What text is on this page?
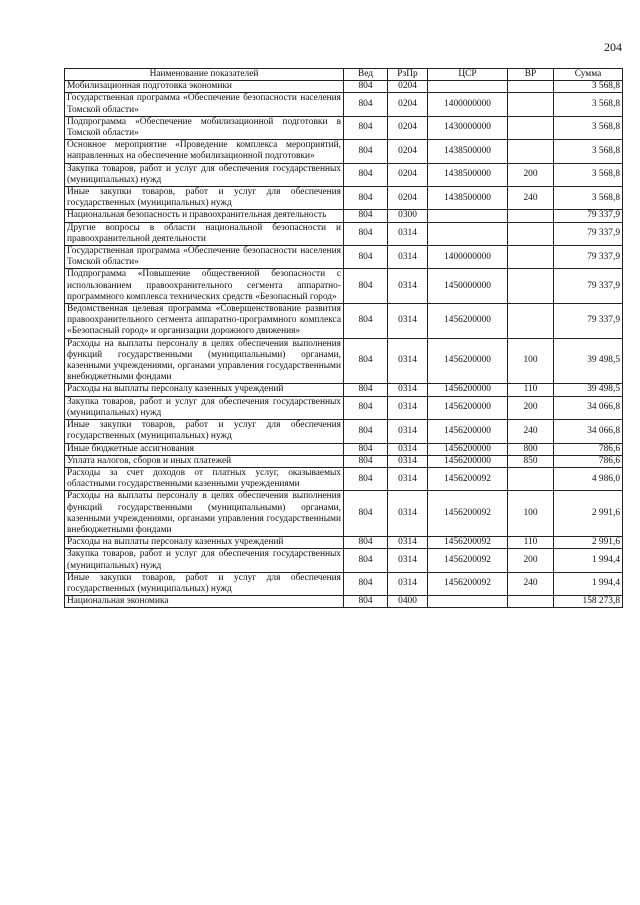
204
Наименование показателей	Вед	РзПр	ЦСР	ВР	Сумма
Мобилизационная подготовка экономики	804	0204			3 568,8
Государственная программа «Обеспечение безопасности населения Томской области»	804	0204	1400000000		3 568,8
Подпрограмма «Обеспечение мобилизационной подготовки в Томской области»	804	0204	1430000000		3 568,8
Основное мероприятие «Проведение комплекса мероприятий, направленных на обеспечение мобилизационной подготовки»	804	0204	1438500000		3 568,8
Закупка товаров, работ и услуг для обеспечения государственных (муниципальных) нужд	804	0204	1438500000	200	3 568,8
Иные закупки товаров, работ и услуг для обеспечения государственных (муниципальных) нужд	804	0204	1438500000	240	3 568,8
Национальная безопасность и правоохранительная деятельность	804	0300			79 337,9
Другие вопросы в области национальной безопасности и правоохранительной деятельности	804	0314			79 337,9
Государственная программа «Обеспечение безопасности населения Томской области»	804	0314	1400000000		79 337,9
Подпрограмма «Повышение общественной безопасности с использованием правоохранительного сегмента аппаратно-программного комплекса технических средств «Безопасный город»	804	0314	1450000000		79 337,9
Ведомственная целевая программа «Совершенствование развития правоохранительного сегмента аппаратно-программного комплекса «Безопасный город» и организации дорожного движения»	804	0314	1456200000		79 337,9
Расходы на выплаты персоналу в целях обеспечения выполнения функций государственными (муниципальными) органами, казенными учреждениями, органами управления государственными внебюджетными фондами	804	0314	1456200000	100	39 498,5
Расходы на выплаты персоналу казенных учреждений	804	0314	1456200000	110	39 498,5
Закупка товаров, работ и услуг для обеспечения государственных (муниципальных) нужд	804	0314	1456200000	200	34 066,8
Иные закупки товаров, работ и услуг для обеспечения государственных (муниципальных) нужд	804	0314	1456200000	240	34 066,8
Иные бюджетные ассигнования	804	0314	1456200000	800	786,6
Уплата налогов, сборов и иных платежей	804	0314	1456200000	850	786,6
Расходы за счет доходов от платных услуг, оказываемых областными государственными казенными учреждениями	804	0314	1456200092		4 986,0
Расходы на выплаты персоналу в целях обеспечения выполнения функций государственными (муниципальными) органами, казенными учреждениями, органами управления государственными внебюджетными фондами	804	0314	1456200092	100	2 991,6
Расходы на выплаты персоналу казенных учреждений	804	0314	1456200092	110	2 991,6
Закупка товаров, работ и услуг для обеспечения государственных (муниципальных) нужд	804	0314	1456200092	200	1 994,4
Иные закупки товаров, работ и услуг для обеспечения государственных (муниципальных) нужд	804	0314	1456200092	240	1 994,4
Национальная экономика	804	0400			158 273,8
